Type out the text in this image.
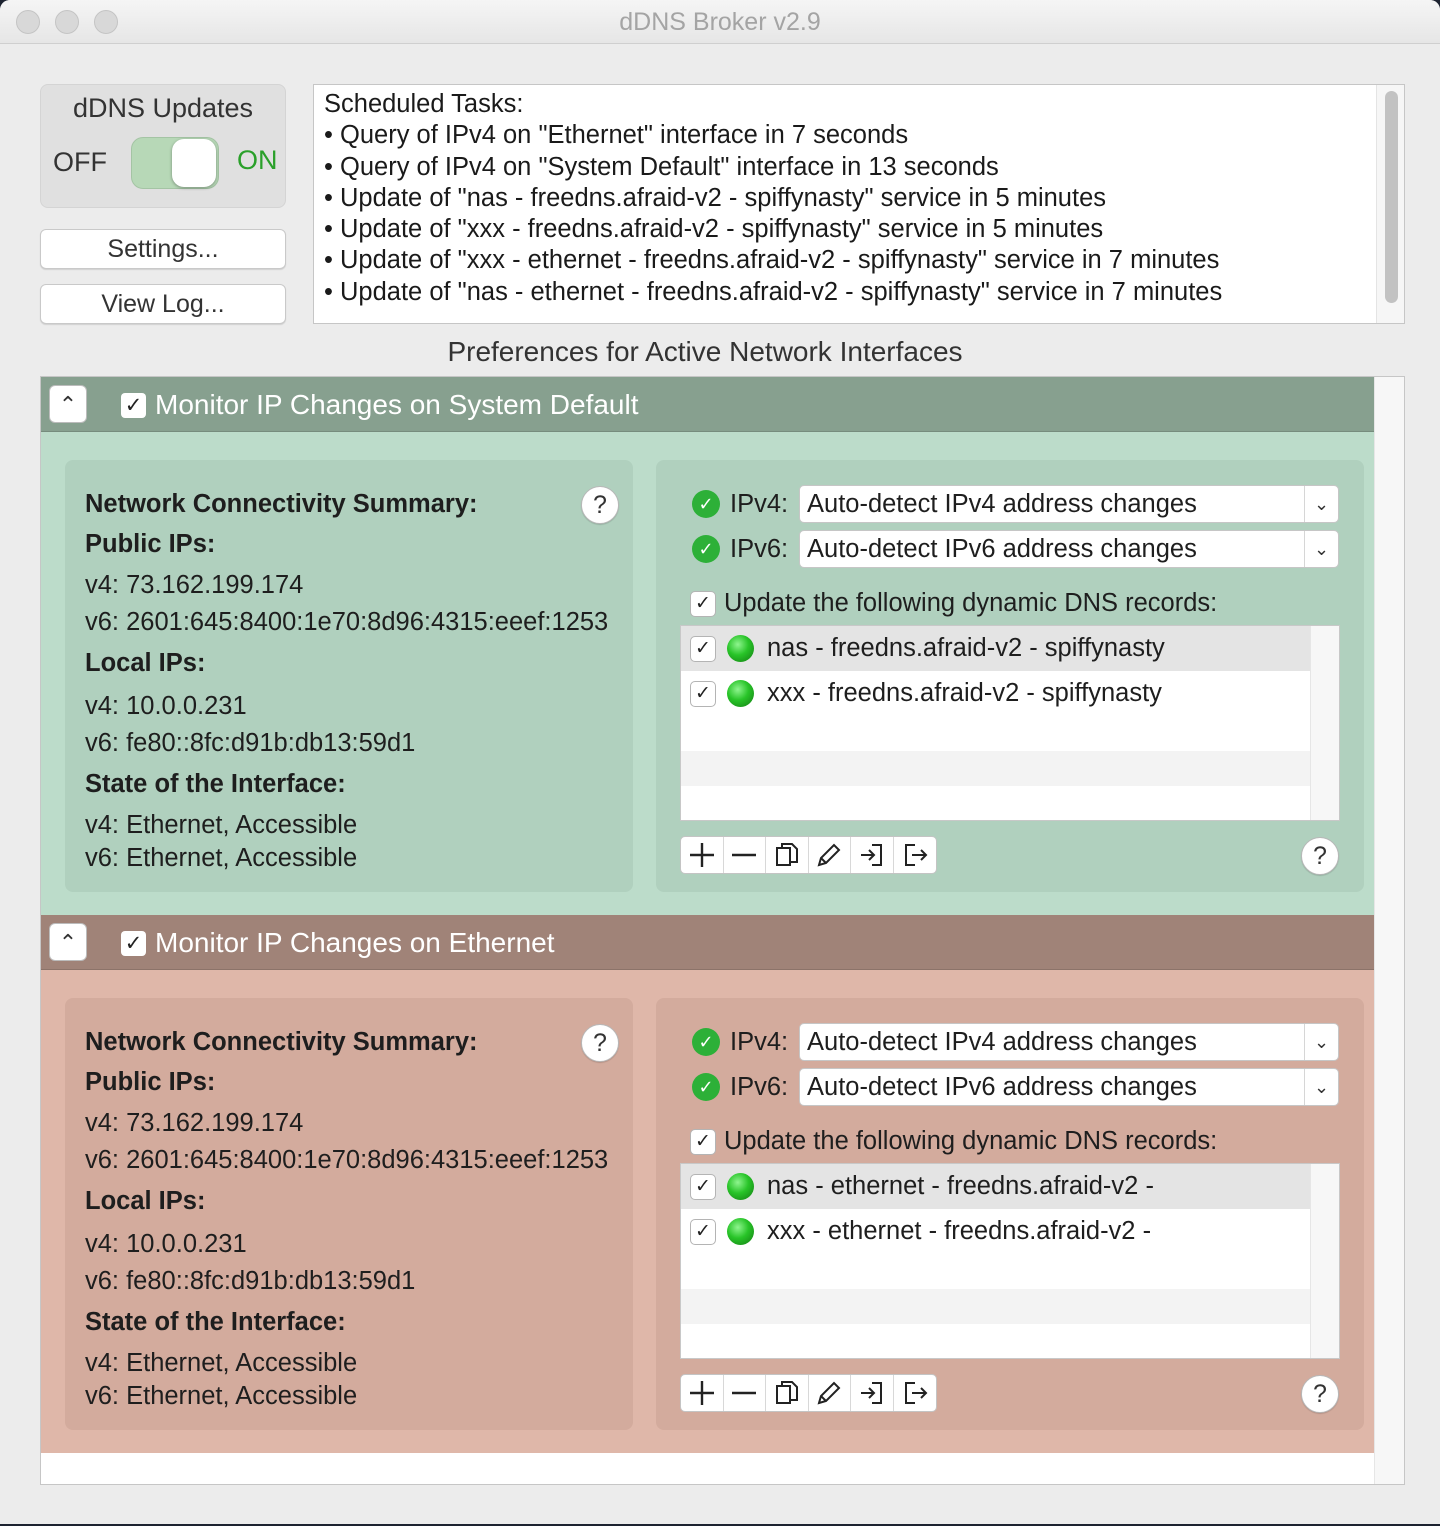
dDNS Broker v2.9
dDNS Updates
OFF	ON
Settings...
View Log...
Scheduled Tasks:
• Query of IPv4 on "Ethernet" interface in 7 seconds
• Query of IPv4 on "System Default" interface in 13 seconds
• Update of "nas - freedns.afraid-v2 - spiffynasty" service in 5 minutes
• Update of "xxx - freedns.afraid-v2 - spiffynasty" service in 5 minutes
• Update of "xxx - ethernet - freedns.afraid-v2 - spiffynasty" service in 7 minutes
• Update of "nas - ethernet - freedns.afraid-v2 - spiffynasty" service in 7 minutes
Preferences for Active Network Interfaces
⌃	✓ Monitor IP Changes on System Default
Network Connectivity Summary:	?
Public IPs:
v4: 73.162.199.174
v6: 2601:645:8400:1e70:8d96:4315:eeef:1253
Local IPs:
v4: 10.0.0.231
v6: fe80::8fc:d91b:db13:59d1
State of the Interface:
v4: Ethernet, Accessible
v6: Ethernet, Accessible
✓ IPv4: Auto-detect IPv4 address changes	⌄
✓ IPv6: Auto-detect IPv6 address changes	⌄
✓ Update the following dynamic DNS records:
✓ nas - freedns.afraid-v2 - spiffynasty
✓ xxx - freedns.afraid-v2 - spiffynasty
?
⌃	✓ Monitor IP Changes on Ethernet
Network Connectivity Summary:	?
Public IPs:
v4: 73.162.199.174
v6: 2601:645:8400:1e70:8d96:4315:eeef:1253
Local IPs:
v4: 10.0.0.231
v6: fe80::8fc:d91b:db13:59d1
State of the Interface:
v4: Ethernet, Accessible
v6: Ethernet, Accessible
✓ IPv4: Auto-detect IPv4 address changes	⌄
✓ IPv6: Auto-detect IPv6 address changes	⌄
✓ Update the following dynamic DNS records:
✓ nas - ethernet - freedns.afraid-v2 -
✓ xxx - ethernet - freedns.afraid-v2 -
?
